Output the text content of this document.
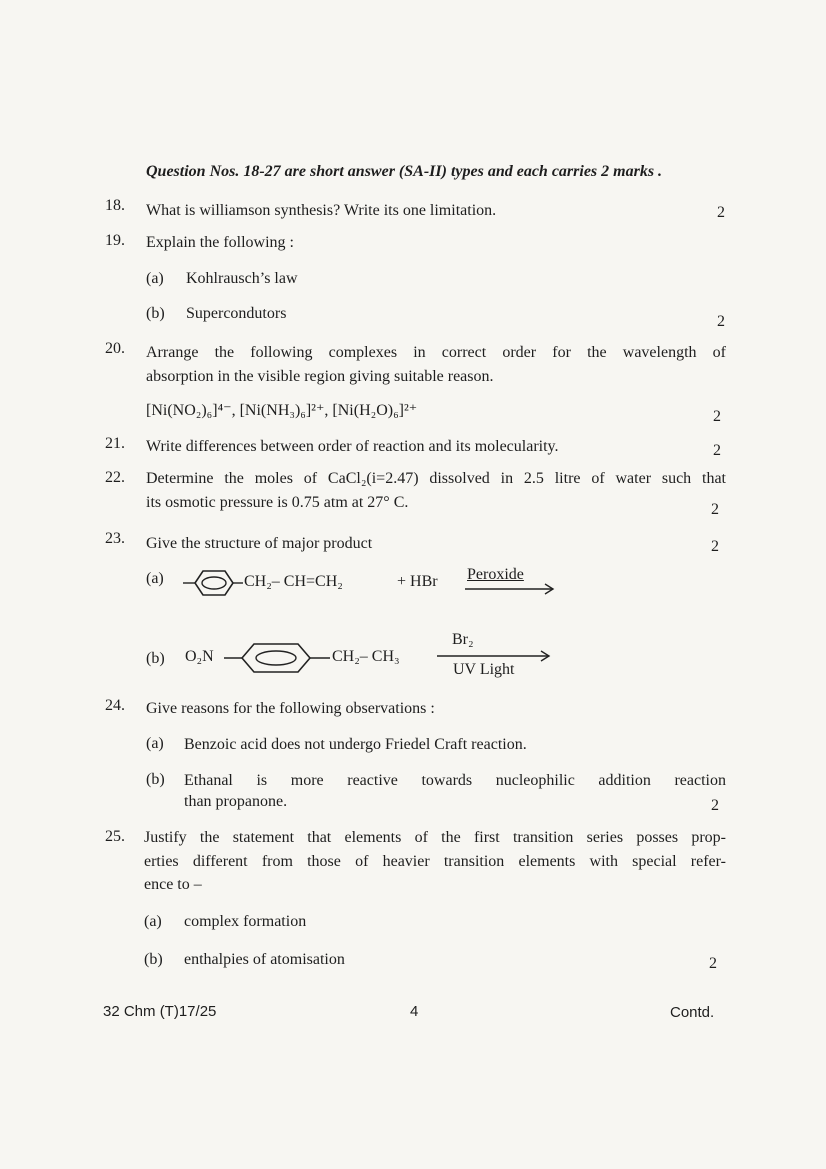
Question Nos. 18-27 are short answer (SA-II) types and each carries 2 marks .
18. What is williamson synthesis? Write its one limitation.	2
19. Explain the following :
(a) Kohlrausch’s law
(b) Supercondutors	2
20. Arrange the following complexes in correct order for the wavelength of
absorption in the visible region giving suitable reason.
[Ni(NO₂)₆]⁴⁻, [Ni(NH₃)₆]²⁺, [Ni(H₂O)₆]²⁺	2
21. Write differences between order of reaction and its molecularity.	2
22. Determine the moles of CaCl₂(i=2.47) dissolved in 2.5 litre of water such that
its osmotic pressure is 0.75 atm at 27° C.	2
23. Give the structure of major product	2
(a)	CH₂– CH=CH₂	+ HBr Peroxide
(b) O₂N	CH₂– CH₃
Br₂
UV Light
24. Give reasons for the following observations :
(a) Benzoic acid does not undergo Friedel Craft reaction.
(b) Ethanal is more reactive towards nucleophilic addition reaction
than propanone.	2
25. Justify the statement that elements of the first transition series posses prop-
erties different from those of heavier transition elements with special refer-
ence to –
(a) complex formation
(b) enthalpies of atomisation	2
32 Chm (T)17/25	4	Contd.
